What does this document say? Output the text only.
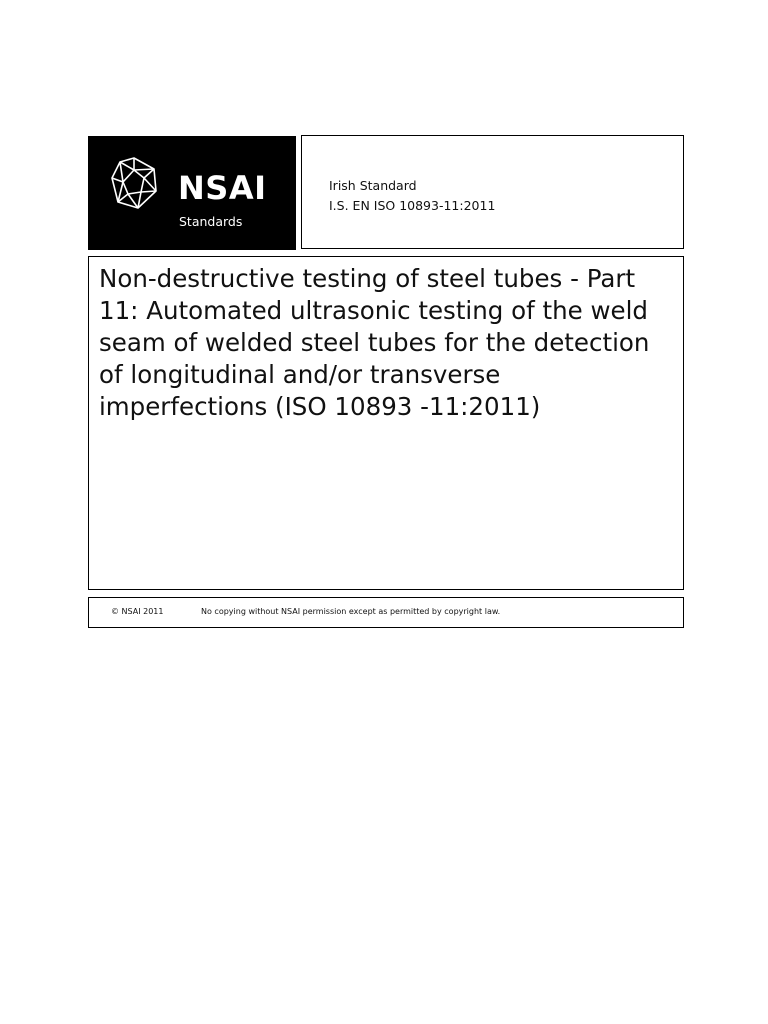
NSAI
Standards
Irish Standard
I.S. EN ISO 10893-11:2011
Non-destructive testing of steel tubes - Part 11: Automated ultrasonic testing of the weld seam of welded steel tubes for the detection of longitudinal and/or transverse imperfections (ISO 10893 -11:2011)
© NSAI 2011	No copying without NSAI permission except as permitted by copyright law.
